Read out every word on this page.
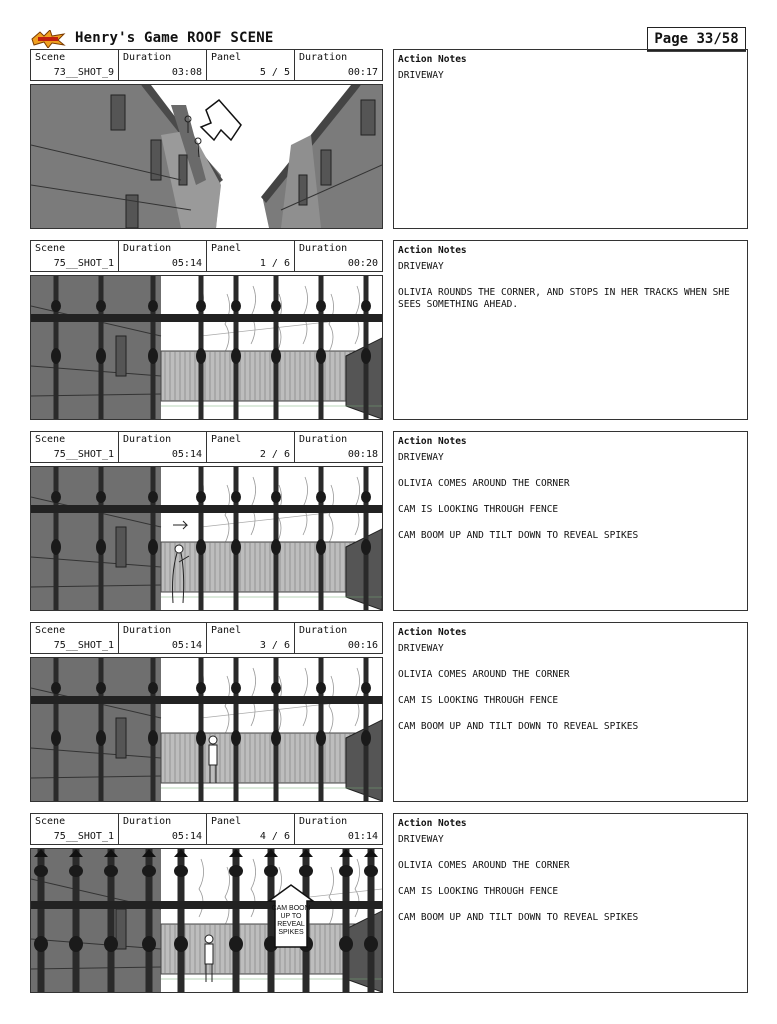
Henry's Game ROOF SCENE	Page 33/58
Scene
73__SHOT_9
Duration
03:08
Panel
5 / 5
Duration
00:17
Action Notes
DRIVEWAY
Scene
75__SHOT_1
Duration
05:14
Panel
1 / 6
Duration
00:20
Action Notes
DRIVEWAY
OLIVIA ROUNDS THE CORNER, AND STOPS IN HER TRACKS WHEN SHE SEES SOMETHING AHEAD.
Scene
75__SHOT_1
Duration
05:14
Panel
2 / 6
Duration
00:18
Action Notes
DRIVEWAY
OLIVIA COMES AROUND THE CORNER
CAM IS LOOKING THROUGH FENCE
CAM BOOM UP AND TILT DOWN TO REVEAL SPIKES
Scene
75__SHOT_1
Duration
05:14
Panel
3 / 6
Duration
00:16
Action Notes
DRIVEWAY
OLIVIA COMES AROUND THE CORNER
CAM IS LOOKING THROUGH FENCE
CAM BOOM UP AND TILT DOWN TO REVEAL SPIKES
Scene
75__SHOT_1
Duration
05:14
Panel
4 / 6
Duration
01:14
CAM BOOM UP TO REVEAL SPIKES
Action Notes
DRIVEWAY
OLIVIA COMES AROUND THE CORNER
CAM IS LOOKING THROUGH FENCE
CAM BOOM UP AND TILT DOWN TO REVEAL SPIKES
